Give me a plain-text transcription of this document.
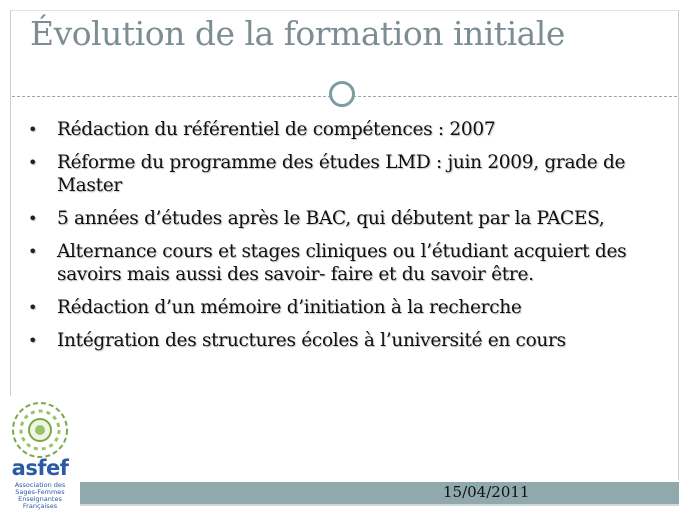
Évolution de la formation initiale
• Rédaction du référentiel de compétences : 2007
• Réforme du programme des études LMD : juin 2009, grade de Master
• 5 années d’études après le BAC, qui débutent par la PACES,
• Alternance cours et stages cliniques ou l’étudiant acquiert des savoirs mais aussi des savoir- faire et du savoir être.
• Rédaction d’un mémoire d’initiation à la recherche
• Intégration des structures écoles à l’université en cours
asfef
Association des
Sages-Femmes
Enseignantes
Françaises
15/04/2011
